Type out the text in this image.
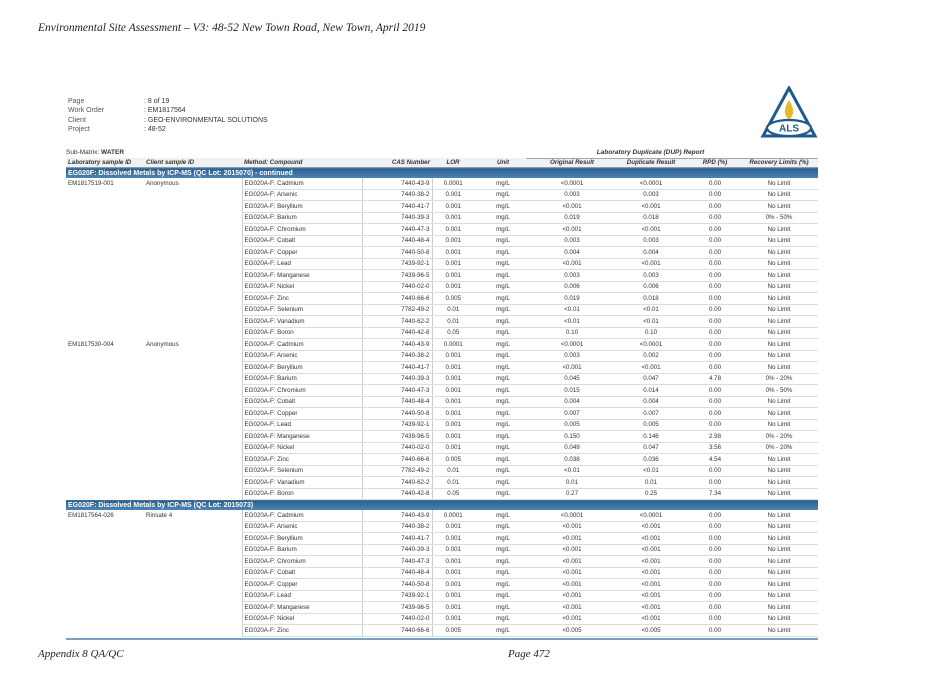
Environmental Site Assessment – V3: 48-52 New Town Road, New Town, April 2019
Page	: 8 of 19
Work Order	: EM1817564
Client	: GEO-ENVIRONMENTAL SOLUTIONS
Project	: 48-52	ALS
Sub-Matrix: WATER	Laboratory Duplicate (DUP) Report
Laboratory sample ID	Client sample ID	Method: Compound	CAS Number	LOR	Unit	Original Result	Duplicate Result	RPD (%)	Recovery Limits (%)
EG020F: Dissolved Metals by ICP-MS (QC Lot: 2015070) - continued									
EM1817519-001	Anonymous	EG020A-F: Cadmium	7440-43-9	0.0001	mg/L	<0.0001	<0.0001	0.00	No Limit
		EG020A-F: Arsenic	7440-38-2	0.001	mg/L	0.003	0.003	0.00	No Limit
		EG020A-F: Beryllium	7440-41-7	0.001	mg/L	<0.001	<0.001	0.00	No Limit
		EG020A-F: Barium	7440-39-3	0.001	mg/L	0.019	0.018	0.00	0% - 50%
		EG020A-F: Chromium	7440-47-3	0.001	mg/L	<0.001	<0.001	0.00	No Limit
		EG020A-F: Cobalt	7440-48-4	0.001	mg/L	0.003	0.003	0.00	No Limit
		EG020A-F: Copper	7440-50-8	0.001	mg/L	0.004	0.004	0.00	No Limit
		EG020A-F: Lead	7439-92-1	0.001	mg/L	<0.001	<0.001	0.00	No Limit
		EG020A-F: Manganese	7439-96-5	0.001	mg/L	0.003	0.003	0.00	No Limit
		EG020A-F: Nickel	7440-02-0	0.001	mg/L	0.006	0.006	0.00	No Limit
		EG020A-F: Zinc	7440-66-6	0.005	mg/L	0.019	0.018	0.00	No Limit
		EG020A-F: Selenium	7782-49-2	0.01	mg/L	<0.01	<0.01	0.00	No Limit
		EG020A-F: Vanadium	7440-62-2	0.01	mg/L	<0.01	<0.01	0.00	No Limit
		EG020A-F: Boron	7440-42-8	0.05	mg/L	0.10	0.10	0.00	No Limit
EM1817530-004	Anonymous	EG020A-F: Cadmium	7440-43-9	0.0001	mg/L	<0.0001	<0.0001	0.00	No Limit
		EG020A-F: Arsenic	7440-38-2	0.001	mg/L	0.003	0.002	0.00	No Limit
		EG020A-F: Beryllium	7440-41-7	0.001	mg/L	<0.001	<0.001	0.00	No Limit
		EG020A-F: Barium	7440-39-3	0.001	mg/L	0.045	0.047	4.78	0% - 20%
		EG020A-F: Chromium	7440-47-3	0.001	mg/L	0.015	0.014	0.00	0% - 50%
		EG020A-F: Cobalt	7440-48-4	0.001	mg/L	0.004	0.004	0.00	No Limit
		EG020A-F: Copper	7440-50-8	0.001	mg/L	0.007	0.007	0.00	No Limit
		EG020A-F: Lead	7439-92-1	0.001	mg/L	0.005	0.005	0.00	No Limit
		EG020A-F: Manganese	7439-96-5	0.001	mg/L	0.150	0.146	2.98	0% - 20%
		EG020A-F: Nickel	7440-02-0	0.001	mg/L	0.049	0.047	3.56	0% - 20%
		EG020A-F: Zinc	7440-66-6	0.005	mg/L	0.038	0.036	4.54	No Limit
		EG020A-F: Selenium	7782-49-2	0.01	mg/L	<0.01	<0.01	0.00	No Limit
		EG020A-F: Vanadium	7440-62-2	0.01	mg/L	0.01	0.01	0.00	No Limit
		EG020A-F: Boron	7440-42-8	0.05	mg/L	0.27	0.25	7.34	No Limit
EG020F: Dissolved Metals by ICP-MS (QC Lot: 2015073)									
EM1817564-026	Rinsate 4	EG020A-F: Cadmium	7440-43-9	0.0001	mg/L	<0.0001	<0.0001	0.00	No Limit
		EG020A-F: Arsenic	7440-38-2	0.001	mg/L	<0.001	<0.001	0.00	No Limit
		EG020A-F: Beryllium	7440-41-7	0.001	mg/L	<0.001	<0.001	0.00	No Limit
		EG020A-F: Barium	7440-39-3	0.001	mg/L	<0.001	<0.001	0.00	No Limit
		EG020A-F: Chromium	7440-47-3	0.001	mg/L	<0.001	<0.001	0.00	No Limit
		EG020A-F: Cobalt	7440-48-4	0.001	mg/L	<0.001	<0.001	0.00	No Limit
		EG020A-F: Copper	7440-50-8	0.001	mg/L	<0.001	<0.001	0.00	No Limit
		EG020A-F: Lead	7439-92-1	0.001	mg/L	<0.001	<0.001	0.00	No Limit
		EG020A-F: Manganese	7439-96-5	0.001	mg/L	<0.001	<0.001	0.00	No Limit
		EG020A-F: Nickel	7440-02-0	0.001	mg/L	<0.001	<0.001	0.00	No Limit
		EG020A-F: Zinc	7440-66-6	0.005	mg/L	<0.005	<0.005	0.00	No Limit
Appendix 8 QA/QC	Page 472
